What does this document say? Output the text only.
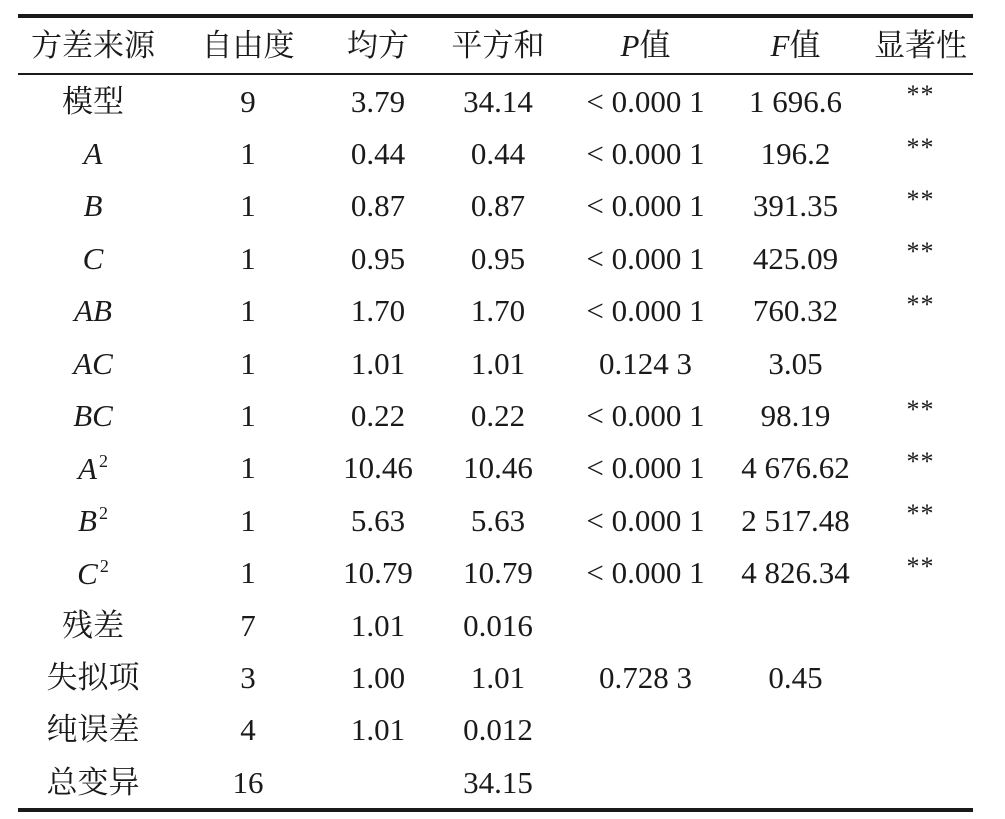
方差来源	自由度	均方	平方和	P值	F值	显著性
模型	9	3.79	34.14	< 0.000 1	1 696.6	**
A	1	0.44	0.44	< 0.000 1	196.2	**
B	1	0.87	0.87	< 0.000 1	391.35	**
C	1	0.95	0.95	< 0.000 1	425.09	**
AB	1	1.70	1.70	< 0.000 1	760.32	**
AC	1	1.01	1.01	0.124 3	3.05	
BC	1	0.22	0.22	< 0.000 1	98.19	**
A $^2$	1	10.46	10.46	< 0.000 1	4 676.62	**
B $^2$	1	5.63	5.63	< 0.000 1	2 517.48	**
C $^2$	1	10.79	10.79	< 0.000 1	4 826.34	**
残差	7	1.01	0.016			
失拟项	3	1.00	1.01	0.728 3	0.45	
纯误差	4	1.01	0.012			
总变异	16		34.15			
